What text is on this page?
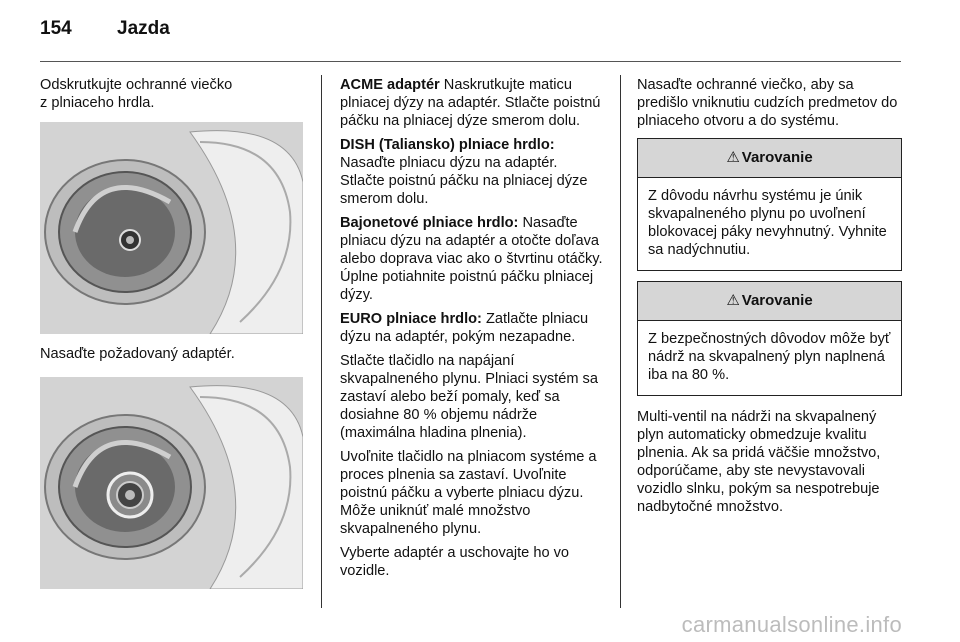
154 Jazda

Odskrutkujte ochranné viečko
z plniaceho hrdla.

Nasaďte požadovaný adaptér.

ACME adaptér Naskrutkujte maticu plniacej dýzy na adaptér. Stlačte poistnú páčku na plniacej dýze smerom dolu.

DISH (Taliansko) plniace hrdlo: Nasaďte plniacu dýzu na adaptér. Stlačte poistnú páčku na plniacej dýze smerom dolu.

Bajonetové plniace hrdlo: Nasaďte plniacu dýzu na adaptér a otočte doľava alebo doprava viac ako o štvrtinu otáčky. Úplne potiahnite poistnú páčku plniacej dýzy.

EURO plniace hrdlo: Zatlačte plniacu dýzu na adaptér, pokým nezapadne.

Stlačte tlačidlo na napájaní skvapalneného plynu. Plniaci systém sa zastaví alebo beží pomaly, keď sa dosiahne 80 % objemu nádrže (maximálna hladina plnenia).

Uvoľnite tlačidlo na plniacom systéme a proces plnenia sa zastaví. Uvoľnite poistnú páčku a vyberte plniacu dýzu. Môže uniknúť malé množstvo skvapalneného plynu.

Vyberte adaptér a uschovajte ho vo vozidle.

Nasaďte ochranné viečko, aby sa predišlo vniknutiu cudzích predmetov do plniaceho otvoru a do systému.

⚠ Varovanie
Z dôvodu návrhu systému je únik skvapalneného plynu po uvoľnení blokovacej páky nevyhnutný. Vyhnite sa nadýchnutiu.
⚠ Varovanie
Z bezpečnostných dôvodov môže byť nádrž na skvapalnený plyn naplnená iba na 80 %.

Multi-ventil na nádrži na skvapalnený plyn automaticky obmedzuje kvalitu plnenia. Ak sa pridá väčšie množstvo, odporúčame, aby ste nevystavovali vozidlo slnku, pokým sa nespotrebuje nadbytočné množstvo.

carmanualsonline.info
